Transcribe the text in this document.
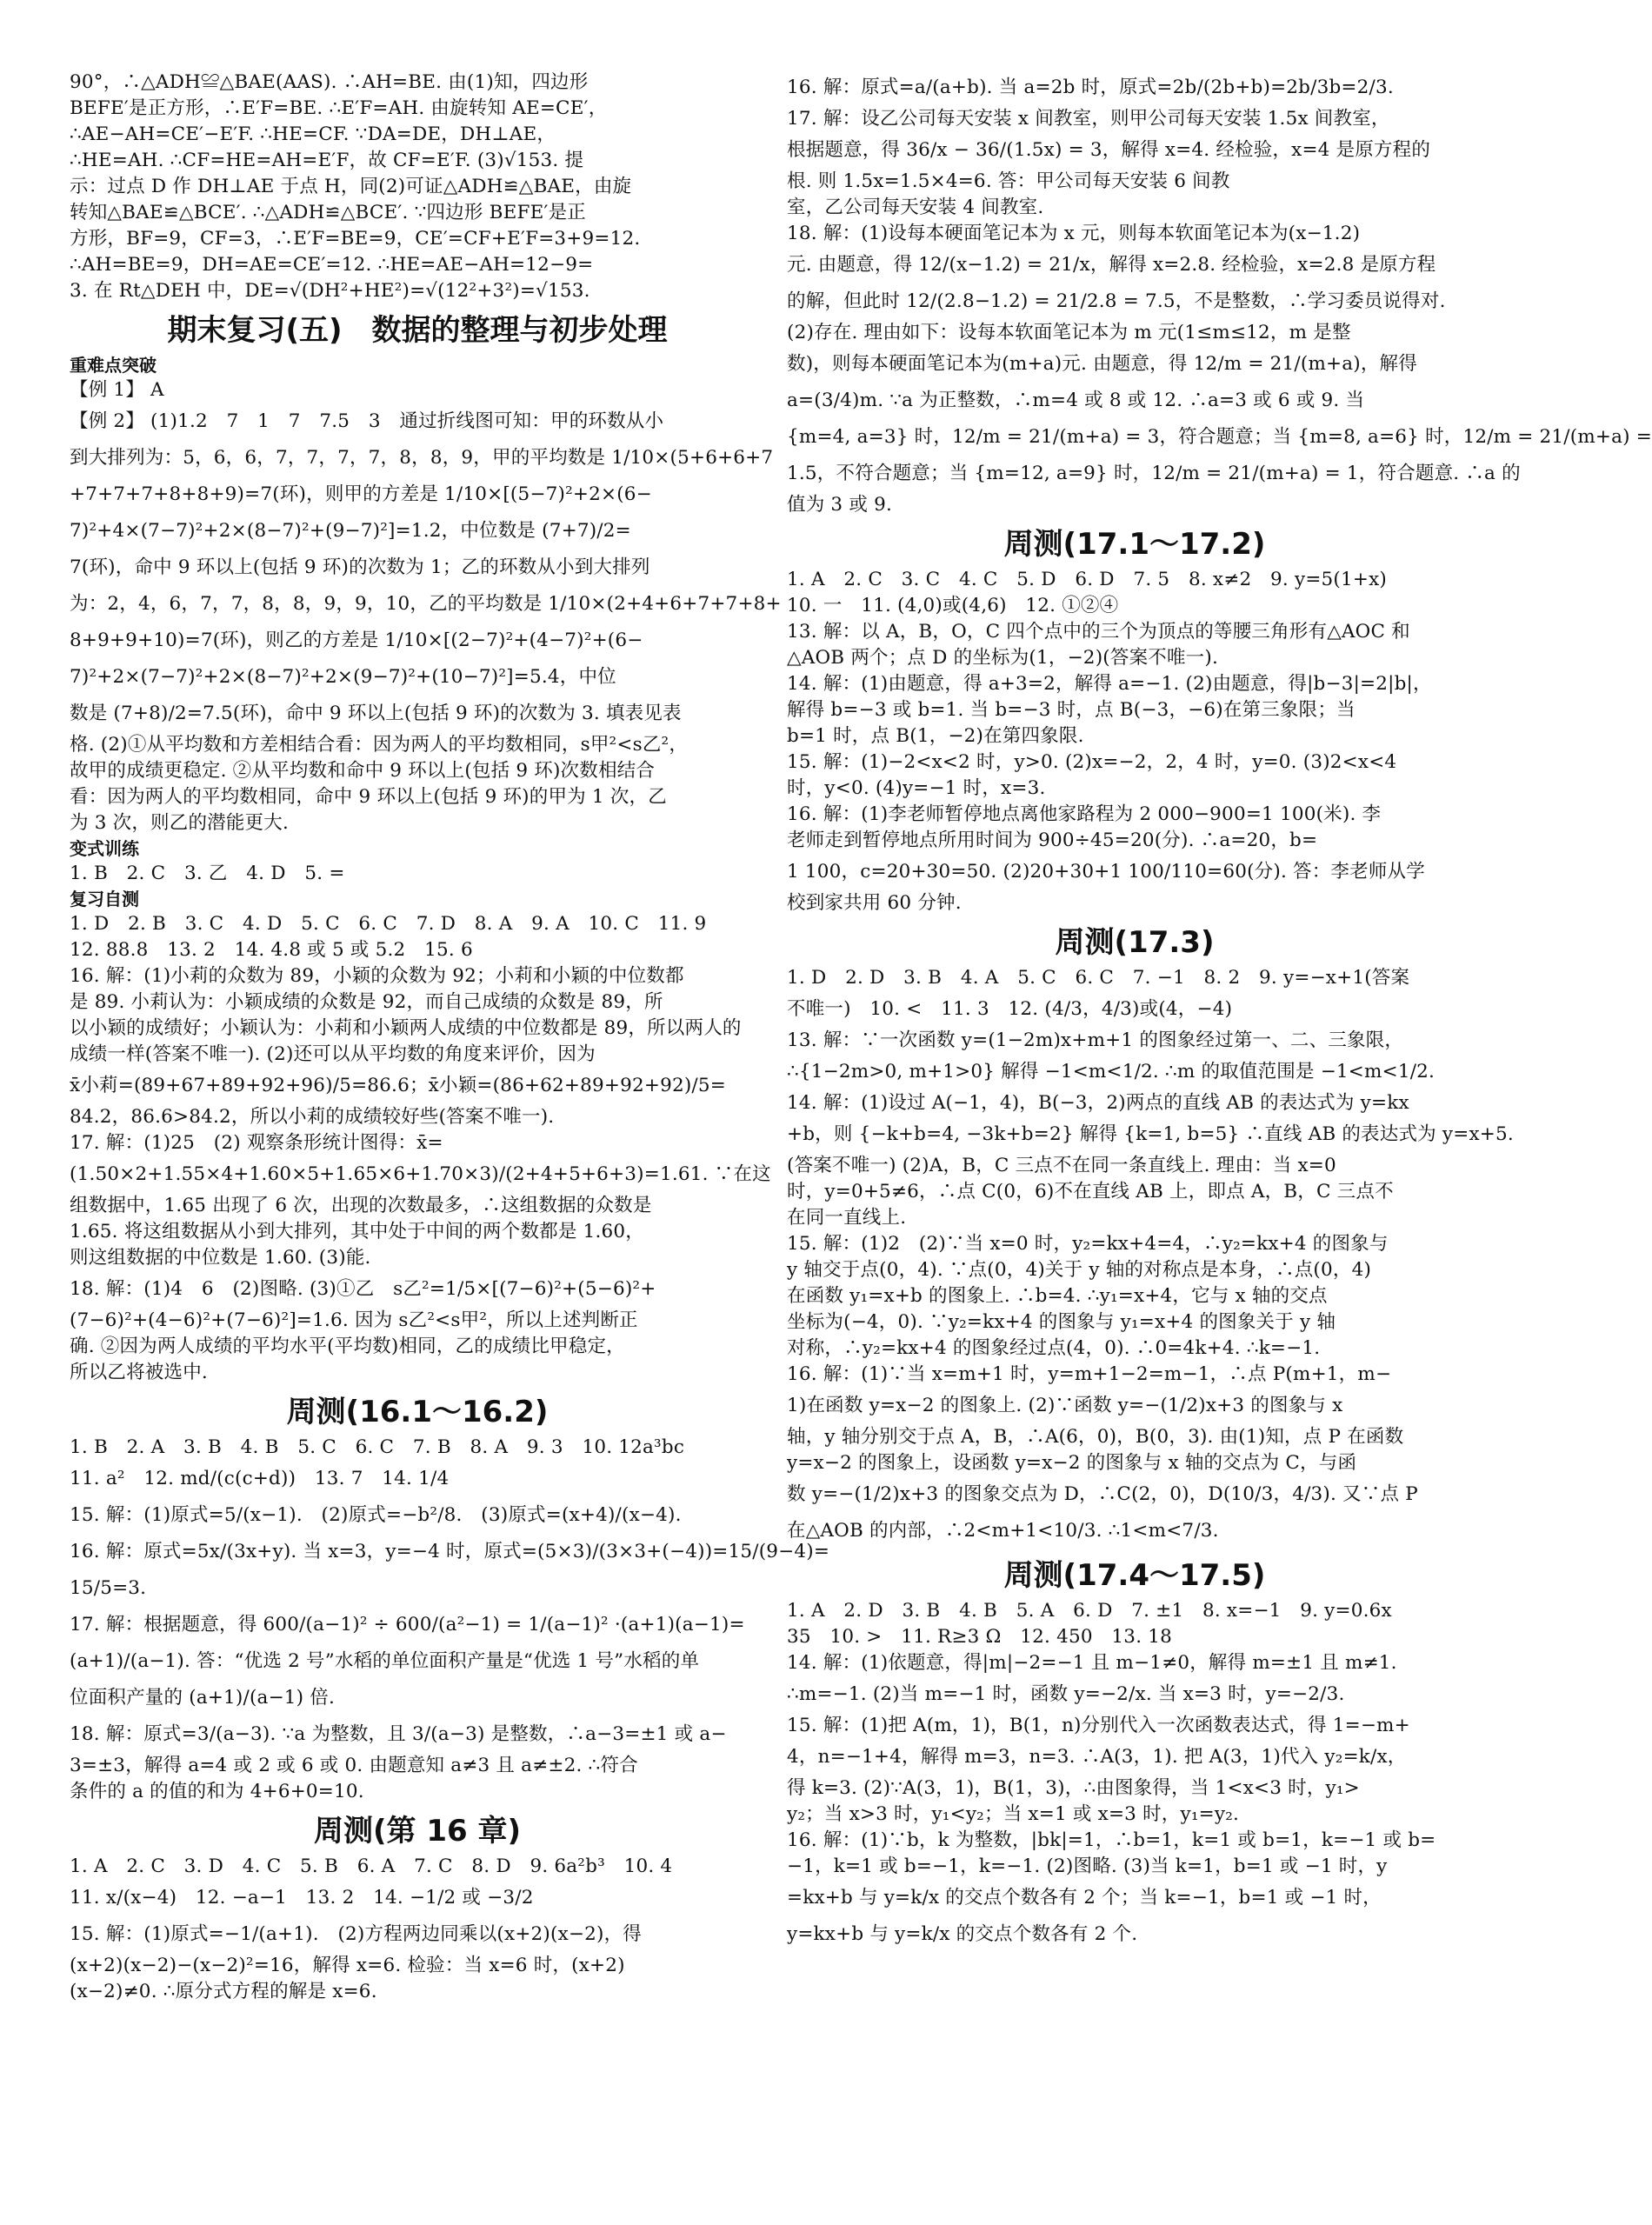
90°，∴△ADH≌△BAE(AAS). ∴AH=BE. 由(1)知，四边形

BEFE′是正方形，∴E′F=BE. ∴E′F=AH. 由旋转知 AE=CE′，

∴AE−AH=CE′−E′F. ∴HE=CF. ∵DA=DE，DH⊥AE，

∴HE=AH. ∴CF=HE=AH=E′F，故 CF=E′F. (3)√153. 提

示：过点 D 作 DH⊥AE 于点 H，同(2)可证△ADH≌△BAE，由旋

转知△BAE≌△BCE′. ∴△ADH≌△BCE′. ∵四边形 BEFE′是正

方形，BF=9，CF=3，∴E′F=BE=9，CE′=CF+E′F=3+9=12.

∴AH=BE=9，DH=AE=CE′=12. ∴HE=AE−AH=12−9=

3. 在 Rt△DEH 中，DE=√(DH²+HE²)=√(12²+3²)=√153.

期末复习(五)　数据的整理与初步处理
重难点突破

【例 1】 A

【例 2】 (1)1.2　7　1　7　7.5　3　通过折线图可知：甲的环数从小

到大排列为：5，6，6，7，7，7，7，8，8，9，甲的平均数是 1/10×(5+6+6+7

+7+7+7+8+8+9)=7(环)，则甲的方差是 1/10×[(5−7)²+2×(6−

7)²+4×(7−7)²+2×(8−7)²+(9−7)²]=1.2，中位数是 (7+7)/2=

7(环)，命中 9 环以上(包括 9 环)的次数为 1；乙的环数从小到大排列

为：2，4，6，7，7，8，8，9，9，10，乙的平均数是 1/10×(2+4+6+7+7+8+

8+9+9+10)=7(环)，则乙的方差是 1/10×[(2−7)²+(4−7)²+(6−

7)²+2×(7−7)²+2×(8−7)²+2×(9−7)²+(10−7)²]=5.4，中位

数是 (7+8)/2=7.5(环)，命中 9 环以上(包括 9 环)的次数为 3. 填表见表

格. (2)①从平均数和方差相结合看：因为两人的平均数相同，s甲²<s乙²，

故甲的成绩更稳定. ②从平均数和命中 9 环以上(包括 9 环)次数相结合

看：因为两人的平均数相同，命中 9 环以上(包括 9 环)的甲为 1 次，乙

为 3 次，则乙的潜能更大.

变式训练

1. B　2. C　3. 乙　4. D　5. =

复习自测

1. D　2. B　3. C　4. D　5. C　6. C　7. D　8. A　9. A　10. C　11. 9

12. 88.8　13. 2　14. 4.8 或 5 或 5.2　15. 6

16. 解：(1)小莉的众数为 89，小颖的众数为 92；小莉和小颖的中位数都

是 89. 小莉认为：小颖成绩的众数是 92，而自己成绩的众数是 89，所

以小颖的成绩好；小颖认为：小莉和小颖两人成绩的中位数都是 89，所以两人的

成绩一样(答案不唯一). (2)还可以从平均数的角度来评价，因为

x̄小莉=(89+67+89+92+96)/5=86.6；x̄小颖=(86+62+89+92+92)/5=

84.2，86.6>84.2，所以小莉的成绩较好些(答案不唯一).

17. 解：(1)25　(2) 观察条形统计图得：x̄=

(1.50×2+1.55×4+1.60×5+1.65×6+1.70×3)/(2+4+5+6+3)=1.61. ∵在这

组数据中，1.65 出现了 6 次，出现的次数最多，∴这组数据的众数是

1.65. 将这组数据从小到大排列，其中处于中间的两个数都是 1.60，

则这组数据的中位数是 1.60. (3)能.

18. 解：(1)4　6　(2)图略. (3)①乙　s乙²=1/5×[(7−6)²+(5−6)²+

(7−6)²+(4−6)²+(7−6)²]=1.6. 因为 s乙²<s甲²，所以上述判断正

确. ②因为两人成绩的平均水平(平均数)相同，乙的成绩比甲稳定，

所以乙将被选中.

周测(16.1～16.2)

1. B　2. A　3. B　4. B　5. C　6. C　7. B　8. A　9. 3　10. 12a³bc

11. a²　12. md/(c(c+d))　13. 7　14. 1/4

15. 解：(1)原式=5/(x−1).　(2)原式=−b²/8.　(3)原式=(x+4)/(x−4).

16. 解：原式=5x/(3x+y). 当 x=3，y=−4 时，原式=(5×3)/(3×3+(−4))=15/(9−4)=

15/5=3.

17. 解：根据题意，得 600/(a−1)² ÷ 600/(a²−1) = 1/(a−1)² ·(a+1)(a−1)=

(a+1)/(a−1). 答：“优选 2 号”水稻的单位面积产量是“优选 1 号”水稻的单

位面积产量的 (a+1)/(a−1) 倍.

18. 解：原式=3/(a−3). ∵a 为整数，且 3/(a−3) 是整数，∴a−3=±1 或 a−

3=±3，解得 a=4 或 2 或 6 或 0. 由题意知 a≠3 且 a≠±2. ∴符合

条件的 a 的值的和为 4+6+0=10.

周测(第 16 章)

1. A　2. C　3. D　4. C　5. B　6. A　7. C　8. D　9. 6a²b³　10. 4

11. x/(x−4)　12. −a−1　13. 2　14. −1/2 或 −3/2

15. 解：(1)原式=−1/(a+1).　(2)方程两边同乘以(x+2)(x−2)，得

(x+2)(x−2)−(x−2)²=16，解得 x=6. 检验：当 x=6 时，(x+2)

(x−2)≠0. ∴原分式方程的解是 x=6.

16. 解：原式=a/(a+b). 当 a=2b 时，原式=2b/(2b+b)=2b/3b=2/3.

17. 解：设乙公司每天安装 x 间教室，则甲公司每天安装 1.5x 间教室，

根据题意，得 36/x − 36/(1.5x) = 3，解得 x=4. 经检验，x=4 是原方程的

根. 则 1.5x=1.5×4=6. 答：甲公司每天安装 6 间教

室，乙公司每天安装 4 间教室.

18. 解：(1)设每本硬面笔记本为 x 元，则每本软面笔记本为(x−1.2)

元. 由题意，得 12/(x−1.2) = 21/x，解得 x=2.8. 经检验，x=2.8 是原方程

的解，但此时 12/(2.8−1.2) = 21/2.8 = 7.5，不是整数，∴学习委员说得对.

(2)存在. 理由如下：设每本软面笔记本为 m 元(1≤m≤12，m 是整

数)，则每本硬面笔记本为(m+a)元. 由题意，得 12/m = 21/(m+a)，解得

a=(3/4)m. ∵a 为正整数，∴m=4 或 8 或 12. ∴a=3 或 6 或 9. 当

{m=4, a=3} 时，12/m = 21/(m+a) = 3，符合题意；当 {m=8, a=6} 时，12/m = 21/(m+a) =

1.5，不符合题意；当 {m=12, a=9} 时，12/m = 21/(m+a) = 1，符合题意. ∴a 的

值为 3 或 9.

周测(17.1～17.2)

1. A　2. C　3. C　4. C　5. D　6. D　7. 5　8. x≠2　9. y=5(1+x)

10. 一　11. (4,0)或(4,6)　12. ①②④

13. 解：以 A，B，O，C 四个点中的三个为顶点的等腰三角形有△AOC 和

△AOB 两个；点 D 的坐标为(1，−2)(答案不唯一).

14. 解：(1)由题意，得 a+3=2，解得 a=−1. (2)由题意，得|b−3|=2|b|，

解得 b=−3 或 b=1. 当 b=−3 时，点 B(−3，−6)在第三象限；当

b=1 时，点 B(1，−2)在第四象限.

15. 解：(1)−2<x<2 时，y>0. (2)x=−2，2，4 时，y=0. (3)2<x<4

时，y<0. (4)y=−1 时，x=3.

16. 解：(1)李老师暂停地点离他家路程为 2 000−900=1 100(米). 李

老师走到暂停地点所用时间为 900÷45=20(分). ∴a=20，b=

1 100，c=20+30=50. (2)20+30+1 100/110=60(分). 答：李老师从学

校到家共用 60 分钟.

周测(17.3)

1. D　2. D　3. B　4. A　5. C　6. C　7. −1　8. 2　9. y=−x+1(答案

不唯一)　10. <　11. 3　12. (4/3，4/3)或(4，−4)

13. 解：∵一次函数 y=(1−2m)x+m+1 的图象经过第一、二、三象限，

∴{1−2m>0, m+1>0} 解得 −1<m<1/2. ∴m 的取值范围是 −1<m<1/2.

14. 解：(1)设过 A(−1，4)，B(−3，2)两点的直线 AB 的表达式为 y=kx

+b，则 {−k+b=4, −3k+b=2} 解得 {k=1, b=5} ∴直线 AB 的表达式为 y=x+5.

(答案不唯一) (2)A，B，C 三点不在同一条直线上. 理由：当 x=0

时，y=0+5≠6，∴点 C(0，6)不在直线 AB 上，即点 A，B，C 三点不

在同一直线上.

15. 解：(1)2　(2)∵当 x=0 时，y₂=kx+4=4，∴y₂=kx+4 的图象与

y 轴交于点(0，4). ∵点(0，4)关于 y 轴的对称点是本身，∴点(0，4)

在函数 y₁=x+b 的图象上. ∴b=4. ∴y₁=x+4，它与 x 轴的交点

坐标为(−4，0). ∵y₂=kx+4 的图象与 y₁=x+4 的图象关于 y 轴

对称，∴y₂=kx+4 的图象经过点(4，0). ∴0=4k+4. ∴k=−1.

16. 解：(1)∵当 x=m+1 时，y=m+1−2=m−1，∴点 P(m+1，m−

1)在函数 y=x−2 的图象上. (2)∵函数 y=−(1/2)x+3 的图象与 x

轴，y 轴分别交于点 A，B，∴A(6，0)，B(0，3). 由(1)知，点 P 在函数

y=x−2 的图象上，设函数 y=x−2 的图象与 x 轴的交点为 C，与函

数 y=−(1/2)x+3 的图象交点为 D，∴C(2，0)，D(10/3，4/3). 又∵点 P

在△AOB 的内部，∴2<m+1<10/3. ∴1<m<7/3.

周测(17.4～17.5)

1. A　2. D　3. B　4. B　5. A　6. D　7. ±1　8. x=−1　9. y=0.6x

35　10. >　11. R≥3 Ω　12. 450　13. 18

14. 解：(1)依题意，得|m|−2=−1 且 m−1≠0，解得 m=±1 且 m≠1.

∴m=−1. (2)当 m=−1 时，函数 y=−2/x. 当 x=3 时，y=−2/3.

15. 解：(1)把 A(m，1)，B(1，n)分别代入一次函数表达式，得 1=−m+

4，n=−1+4，解得 m=3，n=3. ∴A(3，1). 把 A(3，1)代入 y₂=k/x，

得 k=3. (2)∵A(3，1)，B(1，3)，∴由图象得，当 1<x<3 时，y₁>

y₂；当 x>3 时，y₁<y₂；当 x=1 或 x=3 时，y₁=y₂.

16. 解：(1)∵b，k 为整数，|bk|=1，∴b=1，k=1 或 b=1，k=−1 或 b=

−1，k=1 或 b=−1，k=−1. (2)图略. (3)当 k=1，b=1 或 −1 时，y

=kx+b 与 y=k/x 的交点个数各有 2 个；当 k=−1，b=1 或 −1 时，

y=kx+b 与 y=k/x 的交点个数各有 2 个.
